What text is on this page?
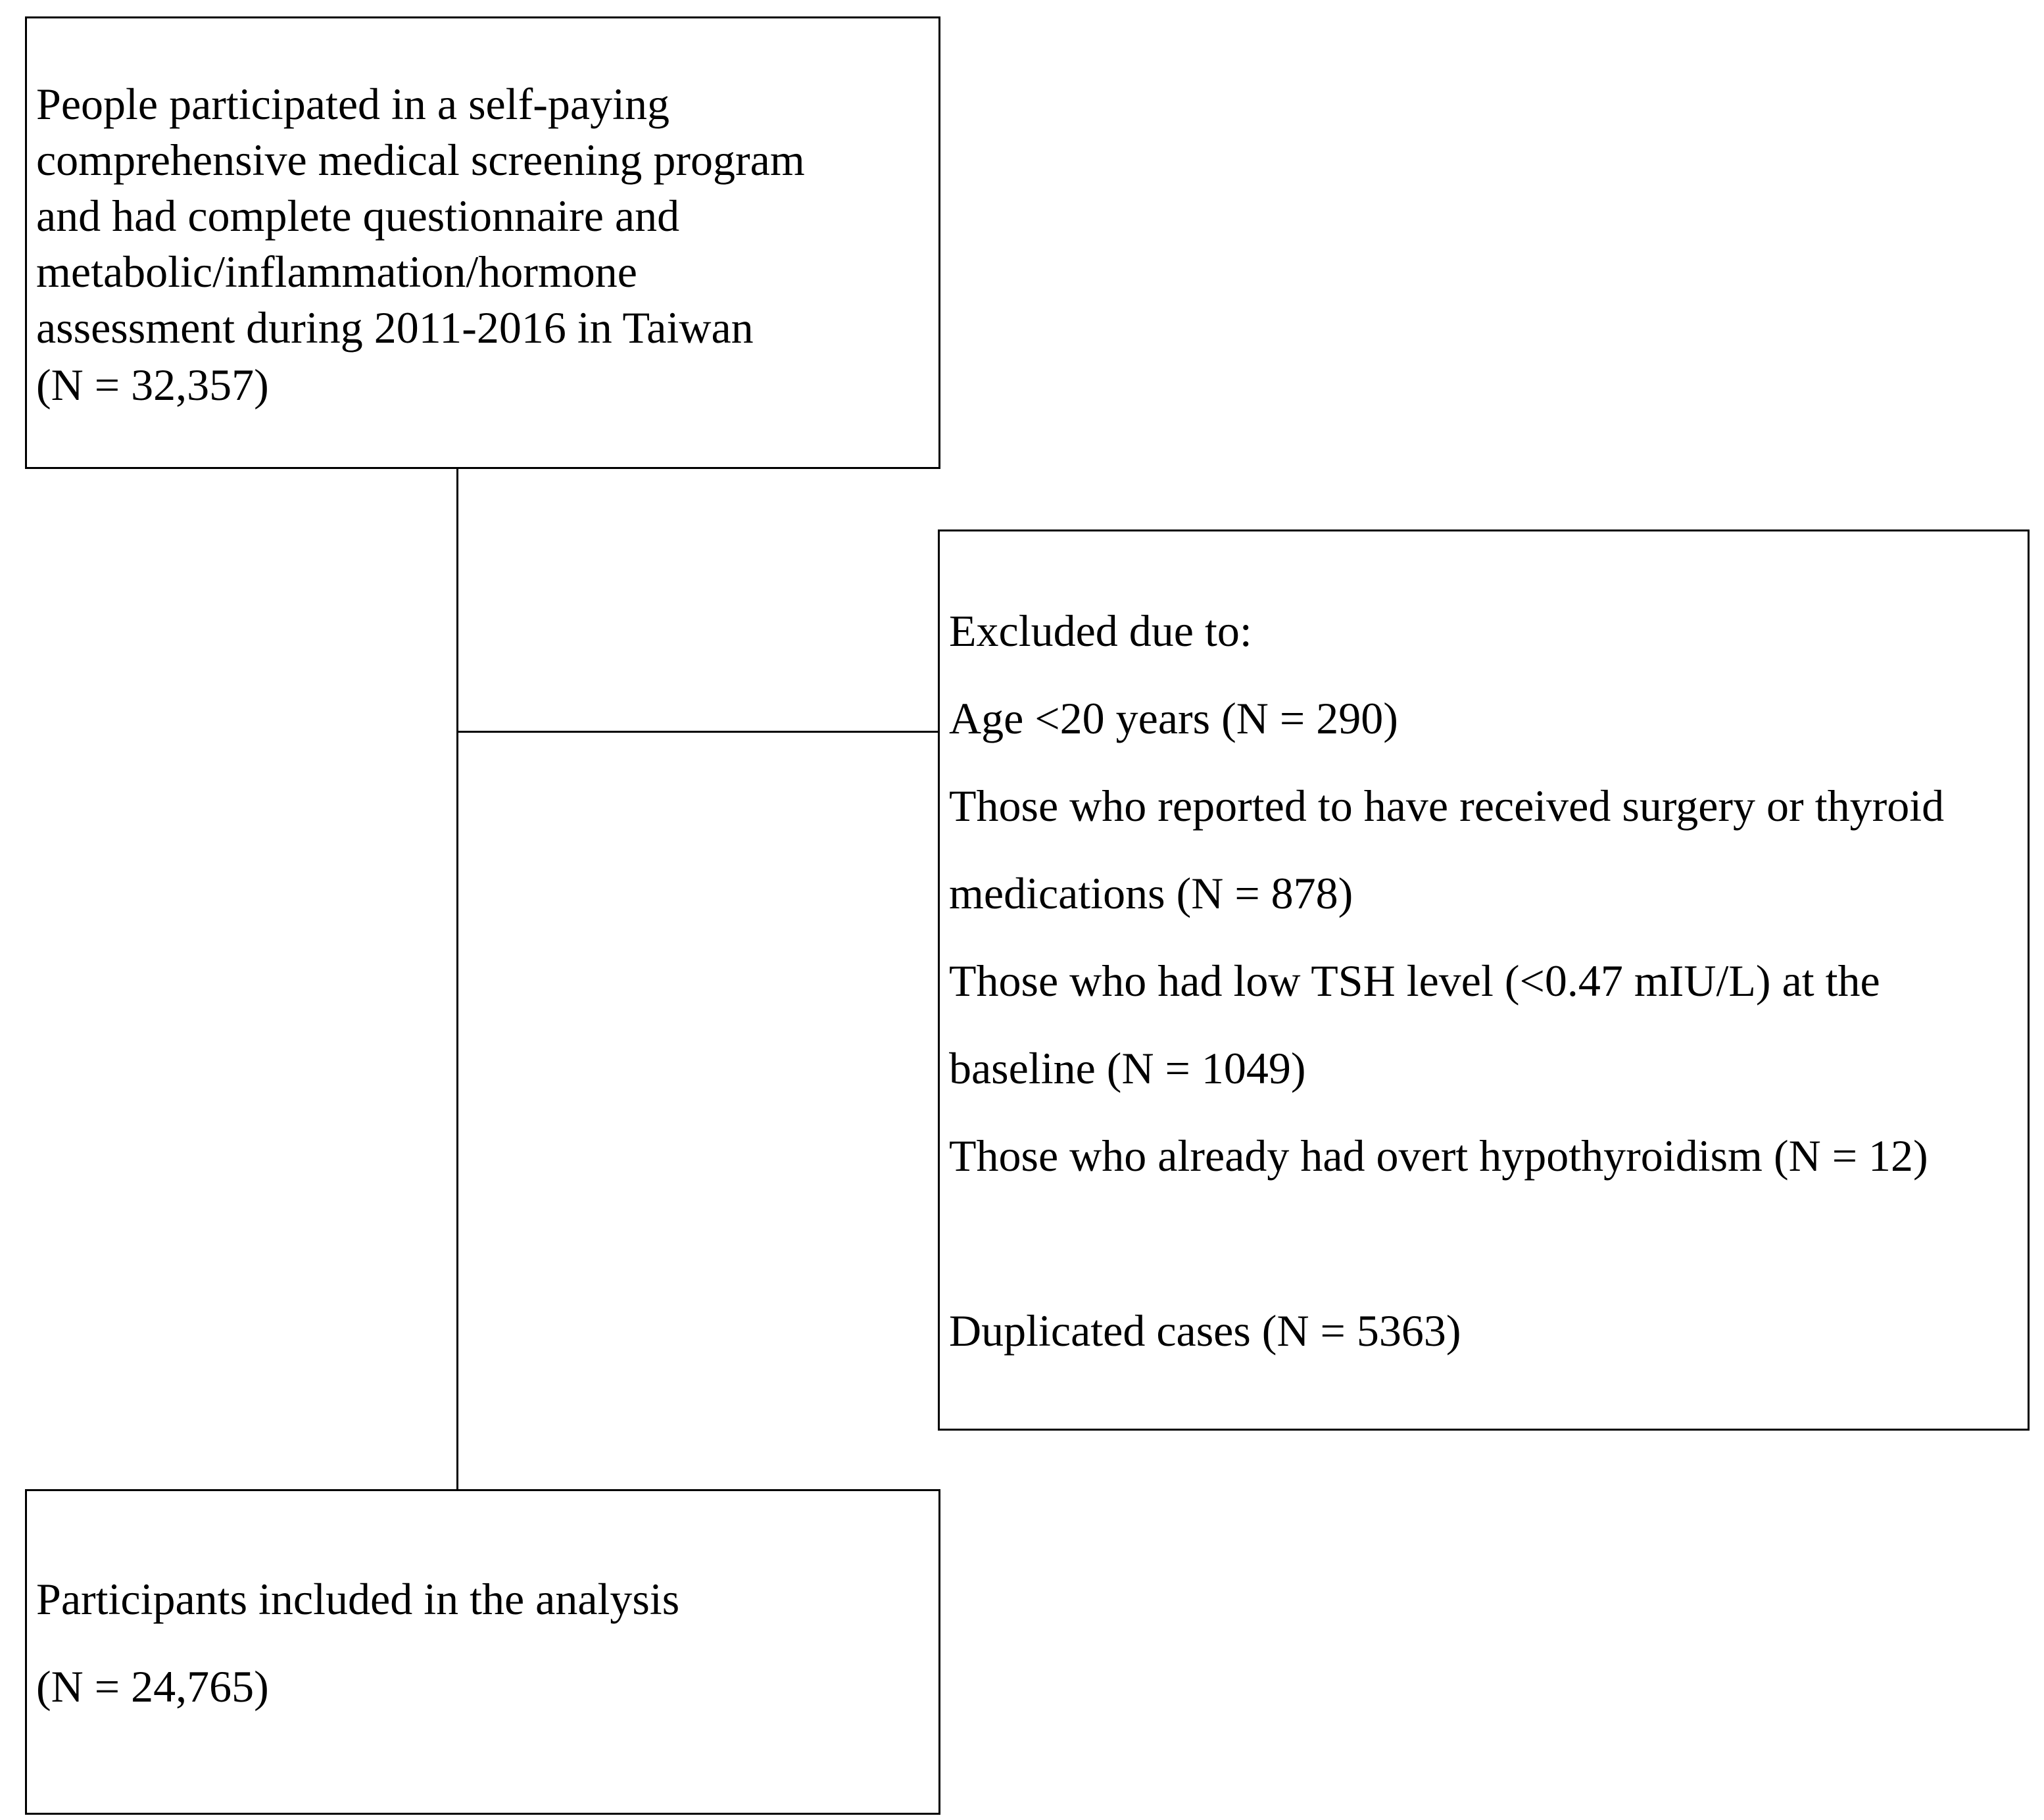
People participated in a self-paying
comprehensive medical screening program
and had complete questionnaire and
metabolic/inflammation/hormone
assessment during 2011-2016 in Taiwan

(N = 32,357)

Excluded due to:

Age <20 years (N = 290)

Those who reported to have received surgery or thyroid medications (N = 878)

Those who had low TSH level (<0.47 mIU/L) at the baseline (N = 1049)

Those who already had overt hypothyroidism (N = 12)

Duplicated cases (N = 5363)

Participants included in the analysis

(N = 24,765)
